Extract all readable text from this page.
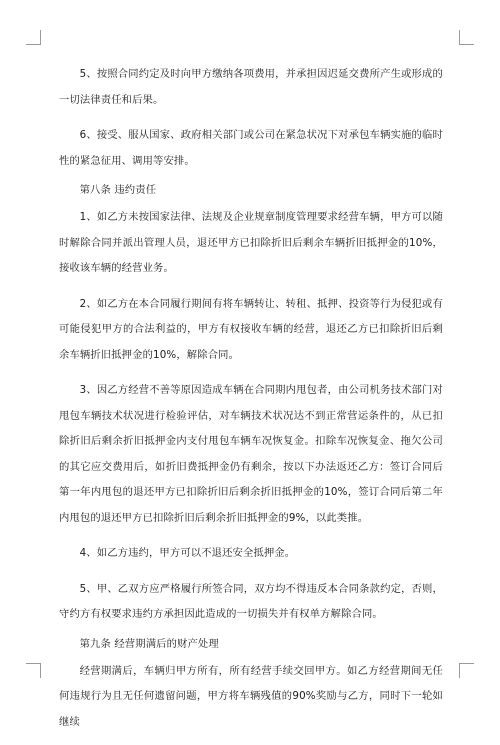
5、按照合同约定及时向甲方缴纳各项费用，并承担因迟延交费所产生或形成的一切法律责任和后果。

6、接受、服从国家、政府相关部门或公司在紧急状况下对承包车辆实施的临时性的紧急征用、调用等安排。

第八条 违约责任

1、如乙方未按国家法律、法规及企业规章制度管理要求经营车辆，甲方可以随时解除合同并派出管理人员，退还甲方已扣除折旧后剩余车辆折旧抵押金的10%，接收该车辆的经营业务。

2、如乙方在本合同履行期间有将车辆转让、转租、抵押、投资等行为侵犯或有可能侵犯甲方的合法利益的，甲方有权接收车辆的经营，退还乙方已扣除折旧后剩余车辆折旧抵押金的10%，解除合同。

3、因乙方经营不善等原因造成车辆在合同期内甩包者，由公司机务技术部门对甩包车辆技术状况进行检验评估，对车辆技术状况达不到正常营运条件的，从已扣除折旧后剩余折旧抵押金内支付甩包车辆车况恢复金。扣除车况恢复金、拖欠公司的其它应交费用后，如折旧费抵押金仍有剩余，按以下办法返还乙方：签订合同后第一年内甩包的退还甲方已扣除折旧后剩余折旧抵押金的10%，签订合同后第二年内甩包的退还甲方已扣除折旧后剩余折旧抵押金的9%，以此类推。

4、如乙方违约，甲方可以不退还安全抵押金。

5、甲、乙双方应严格履行所签合同，双方均不得违反本合同条款约定，否则，守约方有权要求违约方承担因此造成的一切损失并有权单方解除合同。

第九条 经营期满后的财产处理

经营期满后，车辆归甲方所有，所有经营手续交回甲方。如乙方经营期间无任何违规行为且无任何遗留问题，甲方将车辆残值的90%奖励与乙方，同时下一轮如继续
